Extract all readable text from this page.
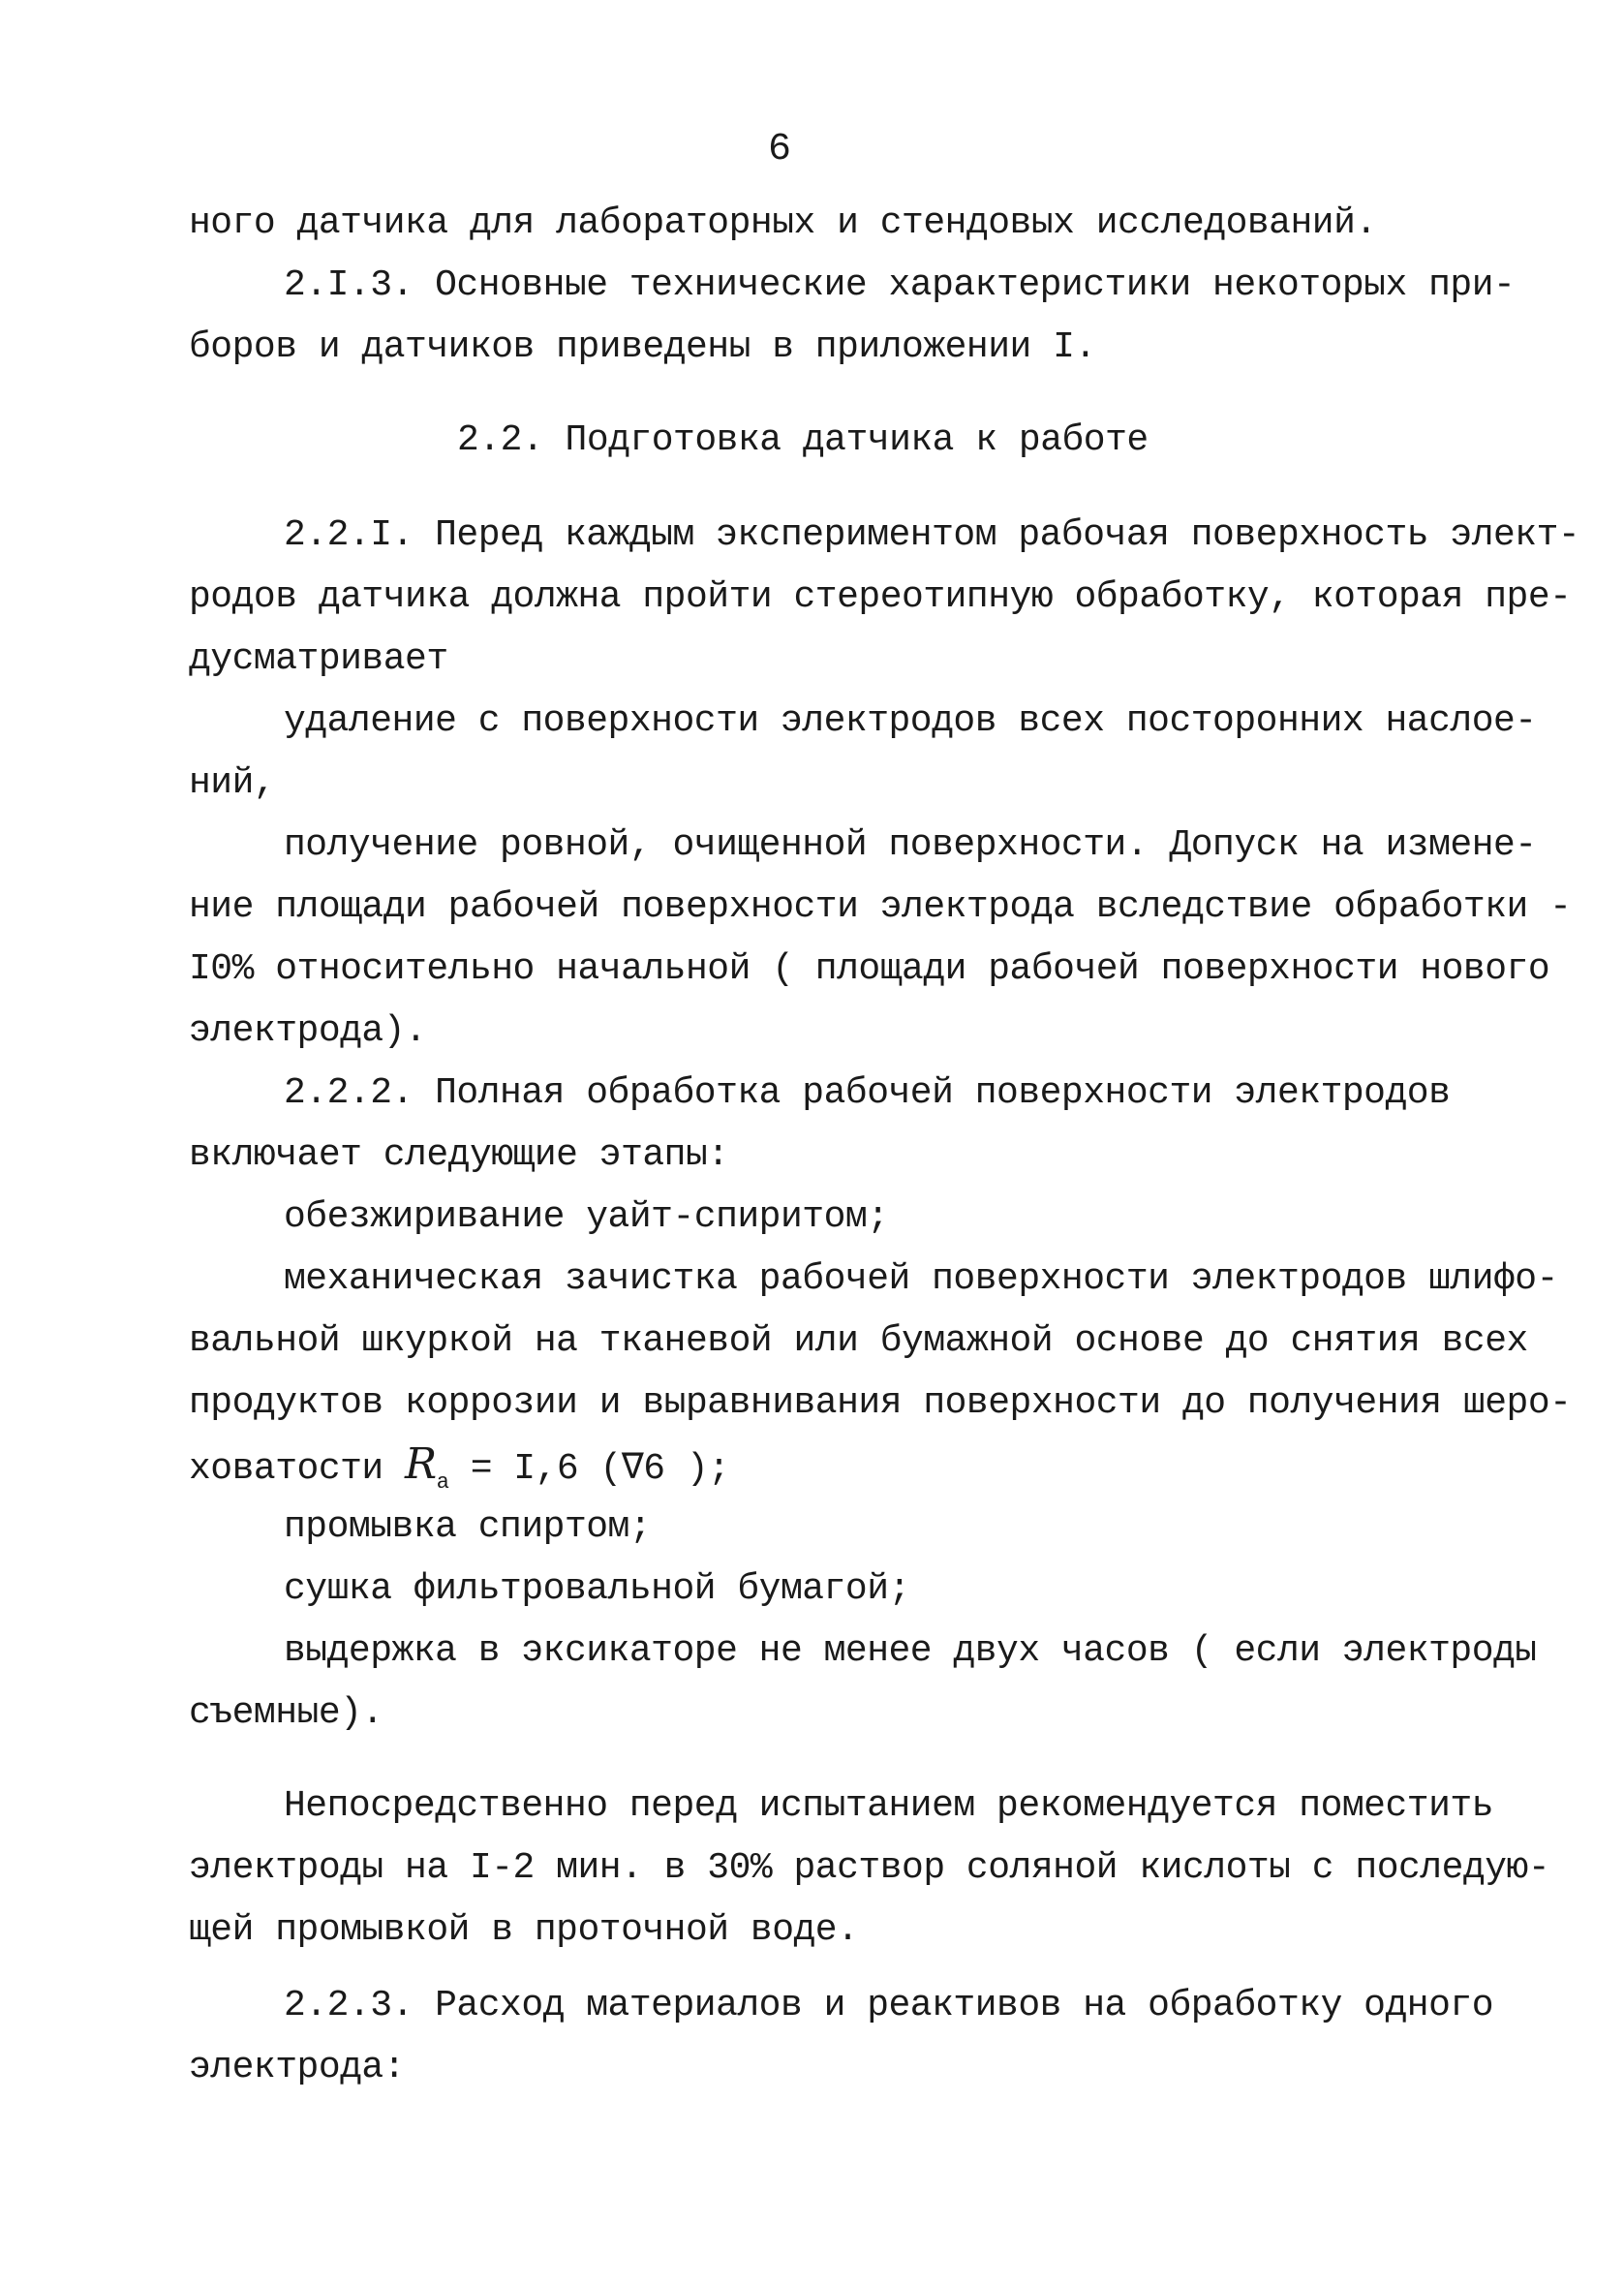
6
ного датчика для лабораторных и стендовых исследований.
2.I.3. Основные технические характеристики некоторых при-
боров и датчиков приведены в приложении I.
2.2. Подготовка датчика к работе
2.2.I. Перед каждым экспериментом рабочая поверхность элект-
родов датчика должна пройти стереотипную обработку, которая пре-
дусматривает
удаление с поверхности электродов всех посторонних наслое-
ний,
получение ровной, очищенной поверхности. Допуск на измене-
ние площади рабочей поверхности электрода вследствие обработки -
I0% относительно начальной ( площади рабочей поверхности нового
электрода).
2.2.2. Полная обработка рабочей поверхности электродов
включает следующие этапы:
обезжиривание уайт-спиритом;
механическая зачистка рабочей поверхности электродов шлифо-
вальной шкуркой на тканевой или бумажной основе до снятия всех
продуктов коррозии и выравнивания поверхности до получения шеро-
ховатости $R_a = I,6$ (∇6 );
промывка спиртом;
сушка фильтровальной бумагой;
выдержка в эксикаторе не менее двух часов ( если электроды
съемные).
Непосредственно перед испытанием рекомендуется поместить
электроды на I-2 мин. в 30% раствор соляной кислоты с последую-
щей промывкой в проточной воде.
2.2.3. Расход материалов и реактивов на обработку одного
электрода:
